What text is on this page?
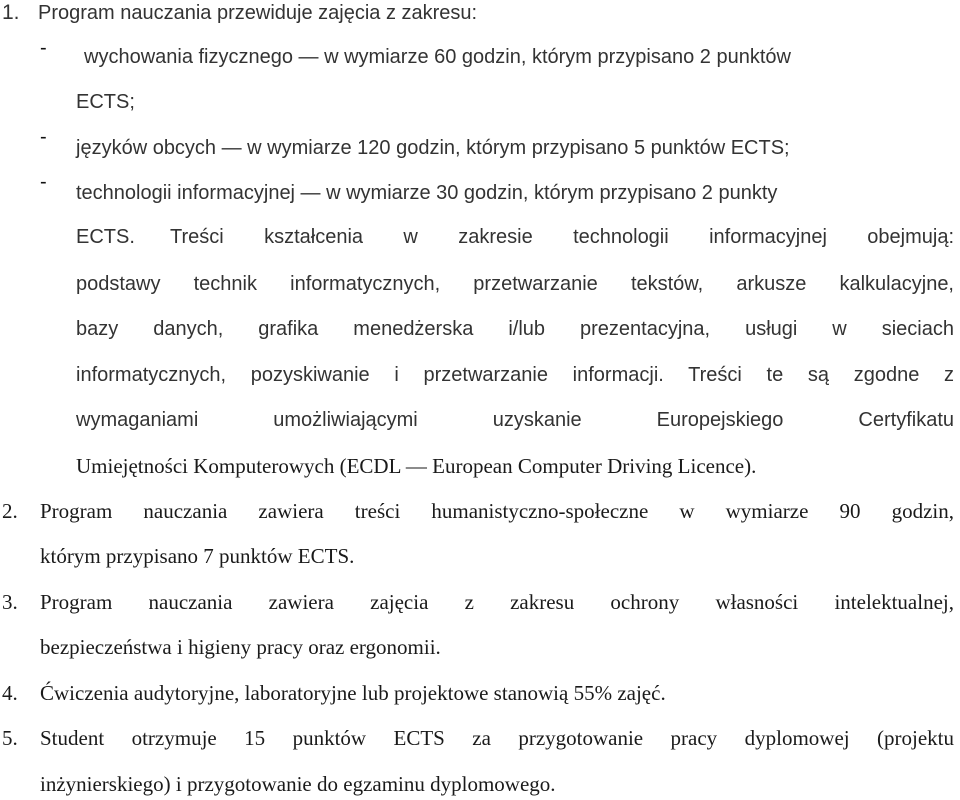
1. Program nauczania przewiduje zajęcia z zakresu:
- wychowania fizycznego — w wymiarze 60 godzin, którym przypisano 2 punktów
ECTS;
- języków obcych — w wymiarze 120 godzin, którym przypisano 5 punktów ECTS;
- technologii informacyjnej — w wymiarze 30 godzin, którym przypisano 2 punkty
ECTS.	Treści kształcenia w zakresie technologii informacyjnej obejmują:
podstawy technik informatycznych, przetwarzanie tekstów, arkusze kalkulacyjne,
bazy danych, grafika menedżerska i/lub prezentacyjna, usługi w sieciach
informatycznych, pozyskiwanie i przetwarzanie informacji. Treści te są zgodne z
wymaganiami umożliwiającymi uzyskanie Europejskiego Certyfikatu
Umiejętności Komputerowych (ECDL — European Computer Driving Licence).
2. Program nauczania zawiera treści humanistyczno-społeczne w wymiarze 90 godzin,
którym przypisano 7 punktów ECTS.
3. Program nauczania zawiera zajęcia z zakresu ochrony własności intelektualnej,
bezpieczeństwa i higieny pracy oraz ergonomii.
4. Ćwiczenia audytoryjne, laboratoryjne lub projektowe stanowią 55% zajęć.
5. Student otrzymuje 15 punktów ECTS za przygotowanie pracy dyplomowej (projektu
inżynierskiego) i przygotowanie do egzaminu dyplomowego.
